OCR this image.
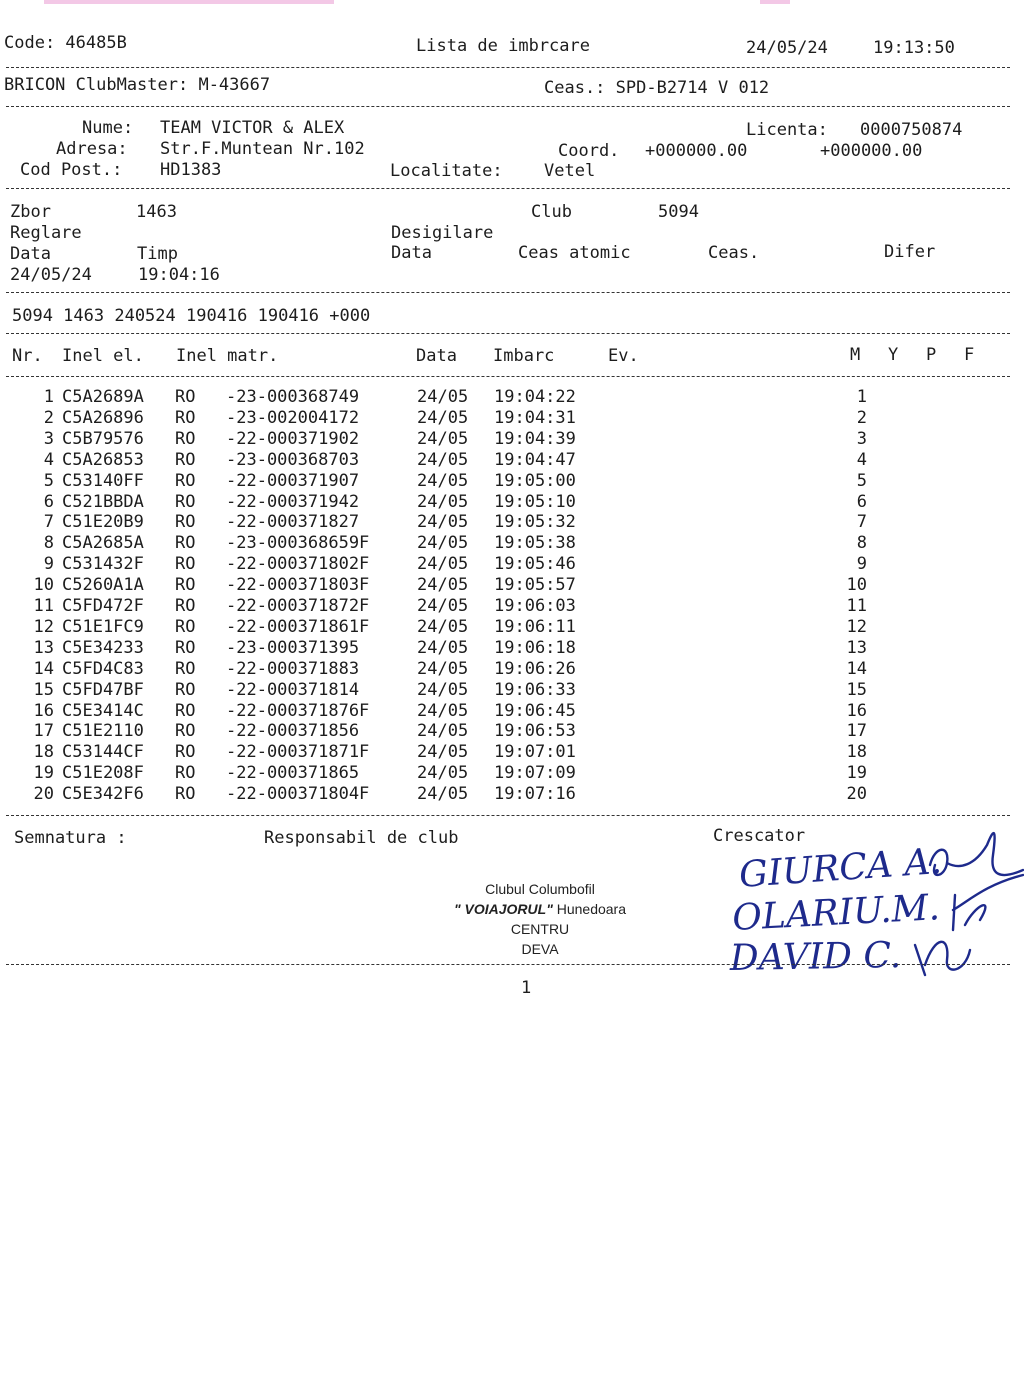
Code: 46485B	Lista de imbrcare	24/05/24	19:13:50
BRICON ClubMaster: M-43667	Ceas.: SPD-B2714 V 012
Nume: TEAM VICTOR & ALEX	Licenta: 0000750874
Adresa: Str.F.Muntean Nr.102	Coord. +000000.00	+000000.00
Cod Post.: HD1383	Localitate: Vetel
Zbor	1463	Club	5094
Reglare	Desigilare
Data	Timp	Data	Ceas atomic	Ceas.	Difer
24/05/24	19:04:16
5094 1463 240524 190416 190416 +000
Nr. Inel el. Inel matr.	Data Imbarc	Ev.	M Y P F
1 C5A2689A RO -23-000368749	24/05 19:04:22	1
2 C5A26896 RO -23-002004172	24/05 19:04:31	2
3 C5B79576 RO -22-000371902	24/05 19:04:39	3
4 C5A26853 RO -23-000368703	24/05 19:04:47	4
5 C53140FF RO -22-000371907	24/05 19:05:00	5
6 C521BBDA RO -22-000371942	24/05 19:05:10	6
7 C51E20B9 RO -22-000371827	24/05 19:05:32	7
8 C5A2685A RO -23-000368659F	24/05 19:05:38	8
9 C531432F RO -22-000371802F	24/05 19:05:46	9
10 C5260A1A RO -22-000371803F	24/05 19:05:57	10
11 C5FD472F RO -22-000371872F	24/05 19:06:03	11
12 C51E1FC9 RO -22-000371861F	24/05 19:06:11	12
13 C5E34233 RO -23-000371395	24/05 19:06:18	13
14 C5FD4C83 RO -22-000371883	24/05 19:06:26	14
15 C5FD47BF RO -22-000371814	24/05 19:06:33	15
16 C5E3414C RO -22-000371876F	24/05 19:06:45	16
17 C51E2110 RO -22-000371856	24/05 19:06:53	17
18 C53144CF RO -22-000371871F	24/05 19:07:01	18
19 C51E208F RO -22-000371865	24/05 19:07:09	19
20 C5E342F6 RO -22-000371804F	24/05 19:07:16	20
Semnatura :	Responsabil de club	Crescator
Clubul Columbofil
" VOIAJORUL" Hunedoara
CENTRU
DEVA
GIURCA A.
OLARIU.M.
DAVID C.
1
